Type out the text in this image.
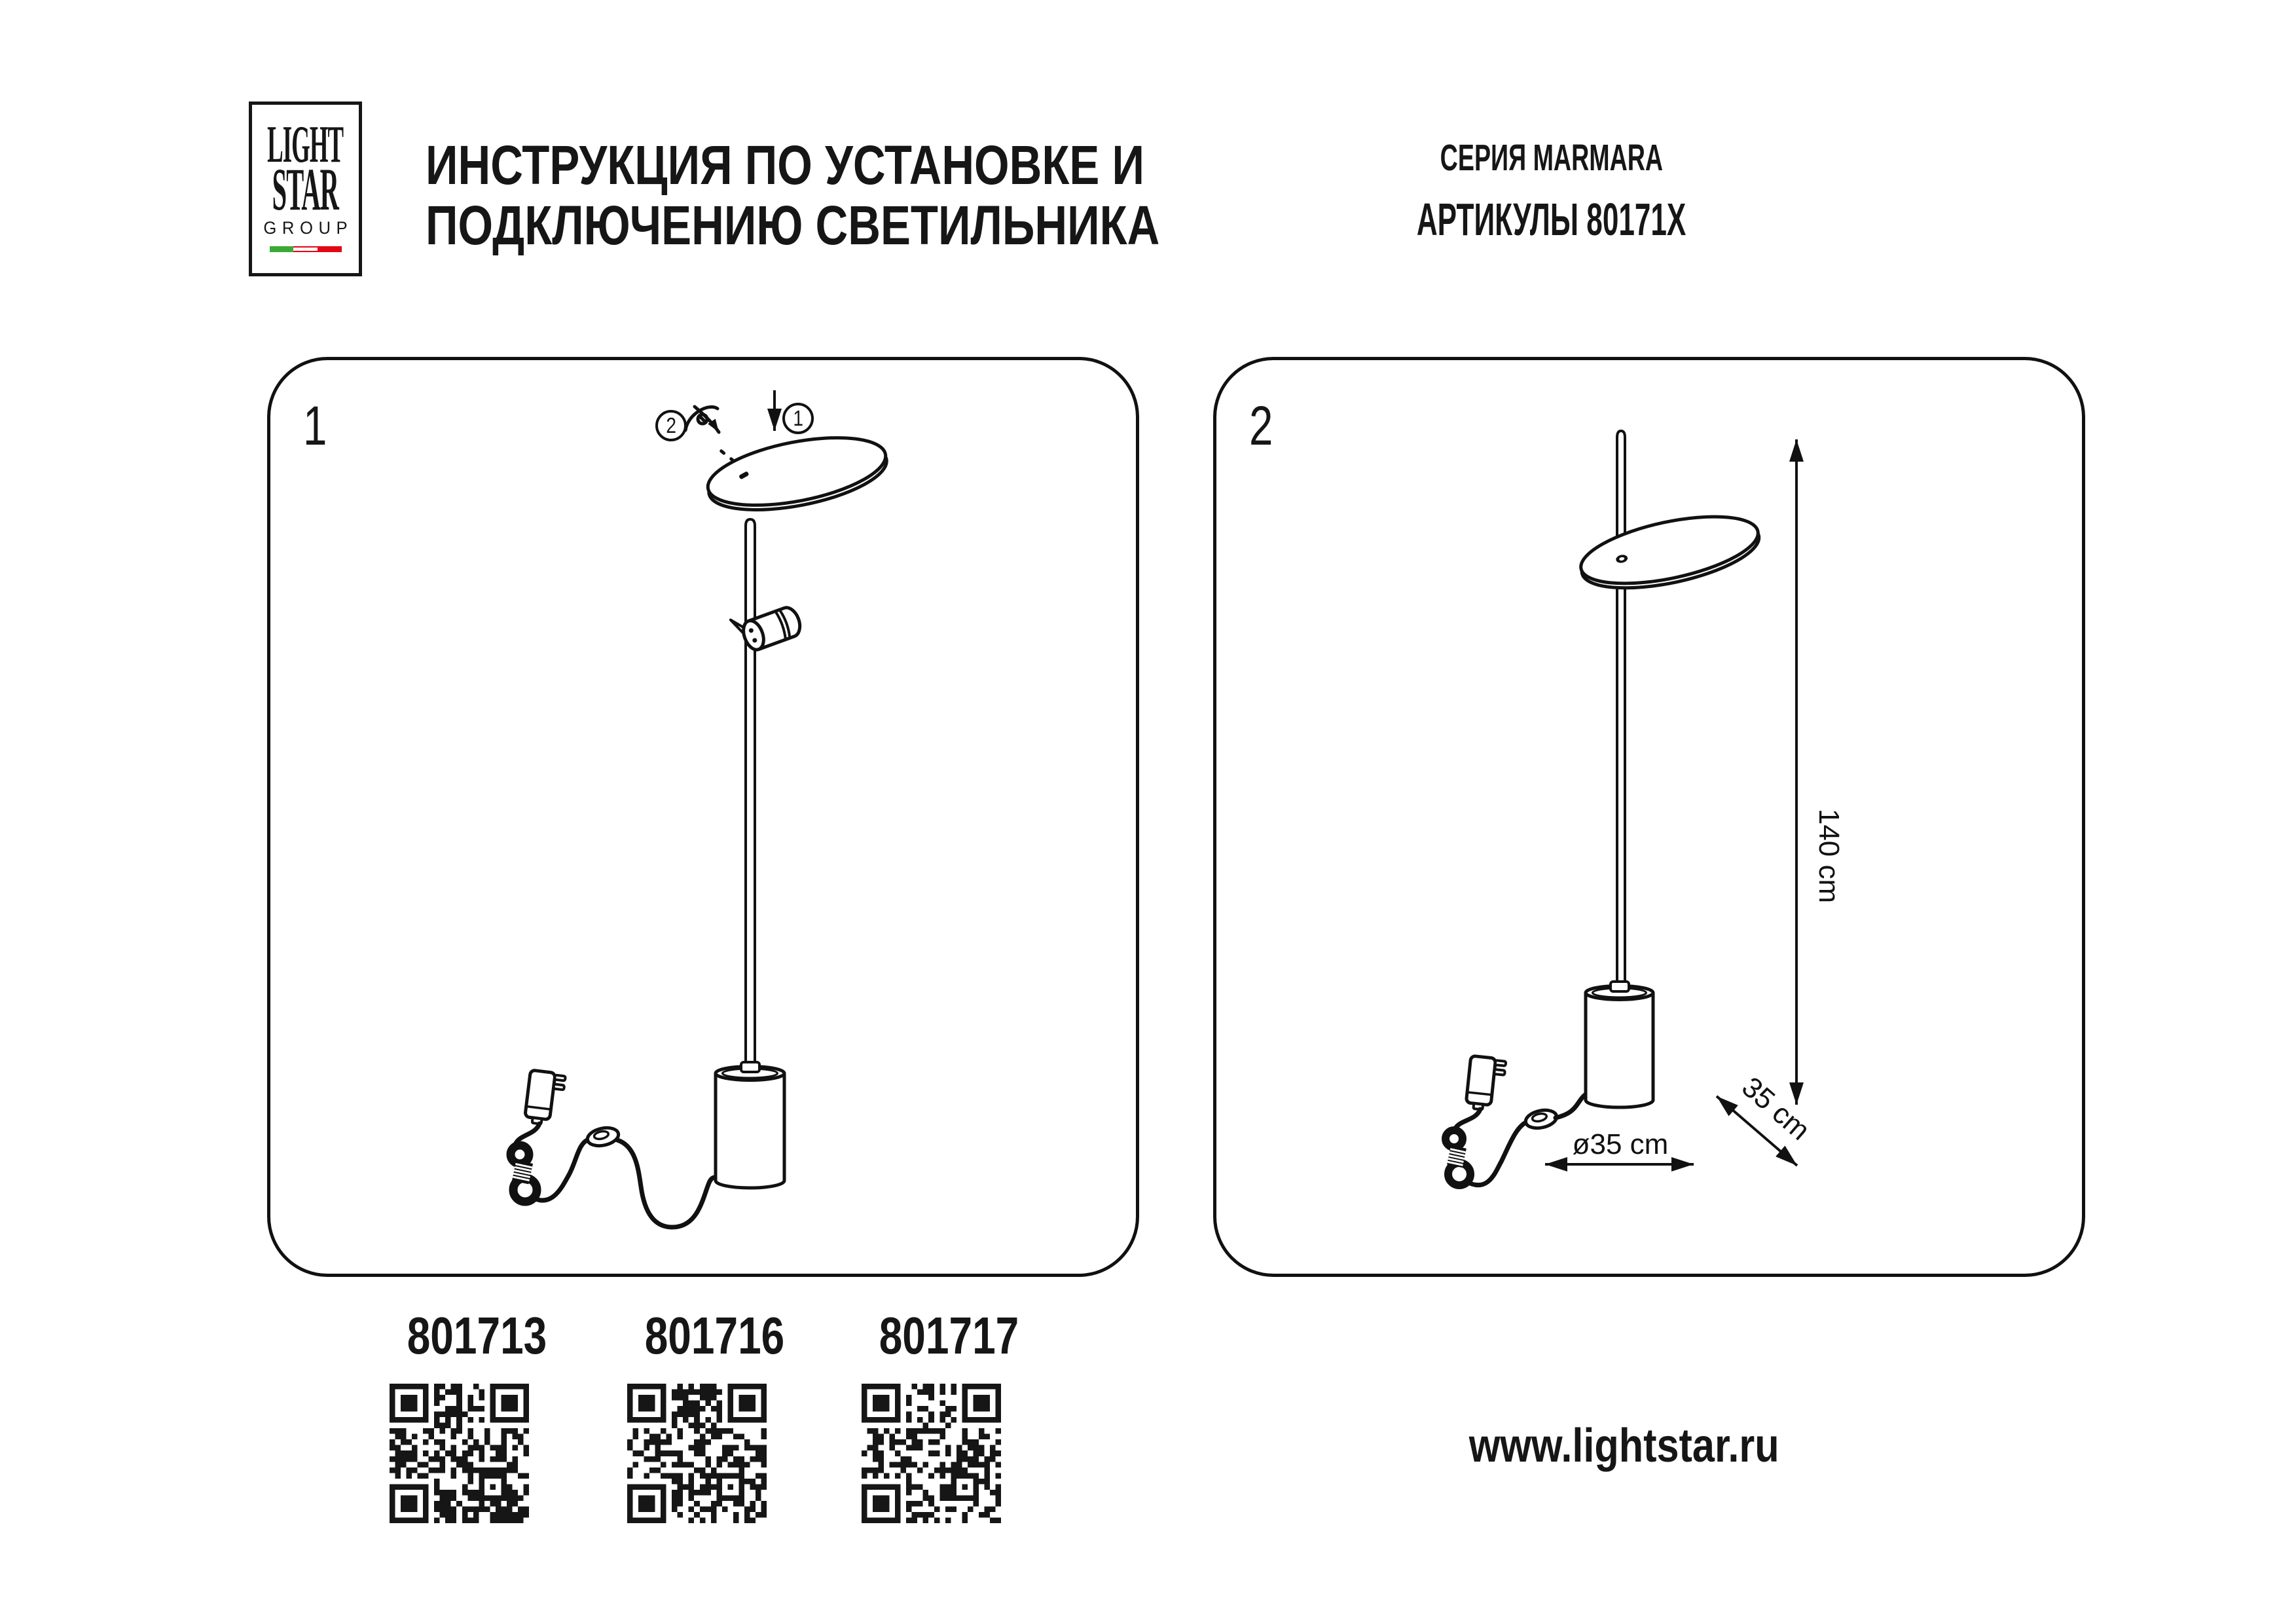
LIGHT
STAR
GROUP
ИНСТРУКЦИЯ ПО УСТАНОВКЕ И
ПОДКЛЮЧЕНИЮ СВЕТИЛЬНИКА
СЕРИЯ MARMARA
АРТИКУЛЫ 80171X
1	2	1	2
140 cm
ø35 cm 35 cm
801713	801716	801717
www.lightstar.ru
